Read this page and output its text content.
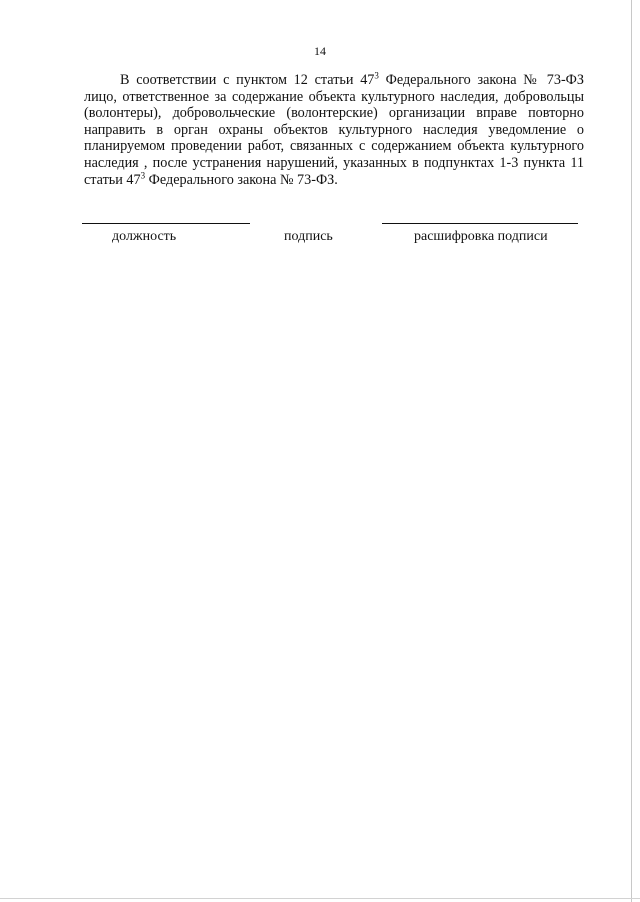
14
В соответствии с пунктом 12 статьи $47^3$ Федерального закона № 73-ФЗ
лицо, ответственное за содержание объекта культурного наследия, добровольцы
(волонтеры), добровольческие (волонтерские) организации вправе повторно
направить в орган охраны объектов культурного наследия уведомление о
планируемом проведении работ, связанных с содержанием объекта культурного
наследия , после устранения нарушений, указанных в подпунктах 1-3 пункта 11
статьи $47^3$ Федерального закона № 73-ФЗ.
должность	подпись	расшифровка подписи
